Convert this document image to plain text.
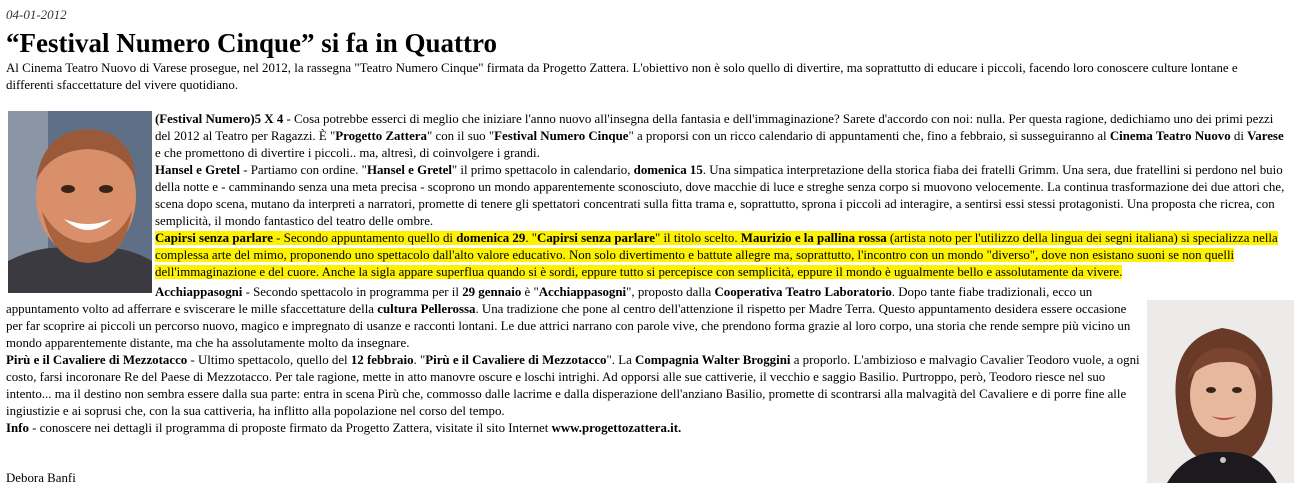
04-01-2012
“Festival Numero Cinque” si fa in Quattro

Al Cinema Teatro Nuovo di Varese prosegue, nel 2012, la rassegna "Teatro Numero Cinque" firmata da Progetto Zattera. L'obiettivo non è solo quello di divertire, ma soprattutto di educare i piccoli, facendo loro conoscere culture lontane e differenti sfaccettature del vivere quotidiano.

(Festival Numero)5 X 4 - Cosa potrebbe esserci di meglio che iniziare l'anno nuovo all'insegna della fantasia e dell'immaginazione? Sarete d'accordo con noi: nulla. Per questa ragione, dedichiamo uno dei primi pezzi del 2012 al Teatro per Ragazzi. È "Progetto Zattera" con il suo "Festival Numero Cinque" a proporsi con un ricco calendario di appuntamenti che, fino a febbraio, si susseguiranno al Cinema Teatro Nuovo di Varese e che promettono di divertire i piccoli.. ma, altresì, di coinvolgere i grandi.

Hansel e Gretel - Partiamo con ordine. "Hansel e Gretel" il primo spettacolo in calendario, domenica 15. Una simpatica interpretazione della storica fiaba dei fratelli Grimm. Una sera, due fratellini si perdono nel buio della notte e - camminando senza una meta precisa - scoprono un mondo apparentemente sconosciuto, dove macchie di luce e streghe senza corpo si muovono velocemente. La continua trasformazione dei due attori che, scena dopo scena, mutano da interpreti a narratori, promette di tenere gli spettatori concentrati sulla fitta trama e, soprattutto, sprona i piccoli ad interagire, a sentirsi essi stessi protagonisti. Una proposta che ricrea, con semplicità, il mondo fantastico del teatro delle ombre.

Capirsi senza parlare - Secondo appuntamento quello di domenica 29. "Capirsi senza parlare" il titolo scelto. Maurizio e la pallina rossa (artista noto per l'utilizzo della lingua dei segni italiana) si specializza nella complessa arte del mimo, proponendo uno spettacolo dall'alto valore educativo. Non solo divertimento e battute allegre ma, soprattutto, l'incontro con un mondo "diverso", dove non esistano suoni se non quelli dell'immaginazione e del cuore. Anche la sigla appare superflua quando si è sordi, eppure tutto si percepisce con semplicità, eppure il mondo è ugualmente bello e assolutamente da vivere.

Acchiappasogni - Secondo spettacolo in programma per il 29 gennaio è "Acchiappasogni", proposto dalla Cooperativa Teatro Laboratorio. Dopo tante fiabe tradizionali, ecco un appuntamento volto ad afferrare e sviscerare le mille sfaccettature della cultura Pellerossa. Una tradizione che pone al centro dell'attenzione il rispetto per Madre Terra. Questo appuntamento desidera essere occasione per far scoprire ai piccoli un percorso nuovo, magico e impregnato di usanze e racconti lontani. Le due attrici narrano con parole vive, che prendono forma grazie al loro corpo, una storia che rende sempre più vicino un mondo apparentemente distante, ma che ha assolutamente molto da insegnare.

Pirù e il Cavaliere di Mezzotacco - Ultimo spettacolo, quello del 12 febbraio. "Pirù e il Cavaliere di Mezzotacco". La Compagnia Walter Broggini a proporlo. L'ambizioso e malvagio Cavalier Teodoro vuole, a ogni costo, farsi incoronare Re del Paese di Mezzotacco. Per tale ragione, mette in atto manovre oscure e loschi intrighi. Ad opporsi alle sue cattiverie, il vecchio e saggio Basilio. Purtroppo, però, Teodoro riesce nel suo intento... ma il destino non sembra essere dalla sua parte: entra in scena Pirù che, commosso dalle lacrime e dalla disperazione dell'anziano Basilio, promette di scontrarsi alla malvagità del Cavaliere e di porre fine alle ingiustizie e ai soprusi che, con la sua cattiveria, ha inflitto alla popolazione nel corso del tempo.

Info - conoscere nei dettagli il programma di proposte firmato da Progetto Zattera, visitate il sito Internet www.progettozattera.it.

Debora Banfi
